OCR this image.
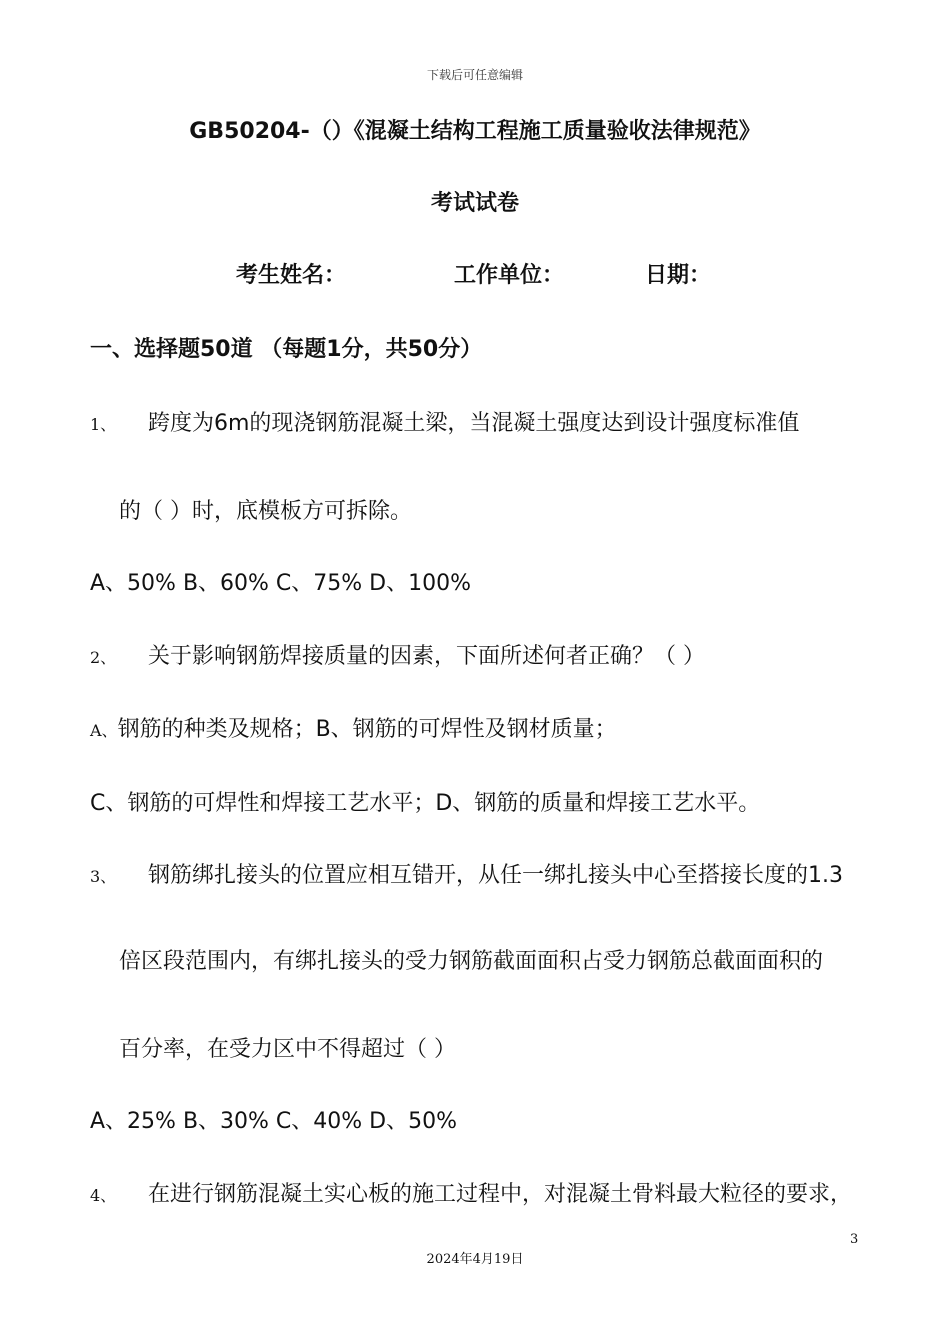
下载后可任意编辑
GB50204-（）《混凝土结构工程施工质量验收法律规范》
考试试卷
考生姓名：	工作单位：	日期：
一、选择题50道 （每题1分，共50分）
1、 跨度为6m的现浇钢筋混凝土梁，当混凝土强度达到设计强度标准值
的（ ）时，底模板方可拆除。
A、50% B、60% C、75% D、100%
2、 关于影响钢筋焊接质量的因素，下面所述何者正确？（ ）
A、钢筋的种类及规格；B、钢筋的可焊性及钢材质量；
C、钢筋的可焊性和焊接工艺水平；D、钢筋的质量和焊接工艺水平。
3、 钢筋绑扎接头的位置应相互错开，从任一绑扎接头中心至搭接长度的1.3
倍区段范围内，有绑扎接头的受力钢筋截面面积占受力钢筋总截面面积的
百分率，在受力区中不得超过（ ）
A、25% B、30% C、40% D、50%
4、 在进行钢筋混凝土实心板的施工过程中，对混凝土骨料最大粒径的要求，
3
2024年4月19日
